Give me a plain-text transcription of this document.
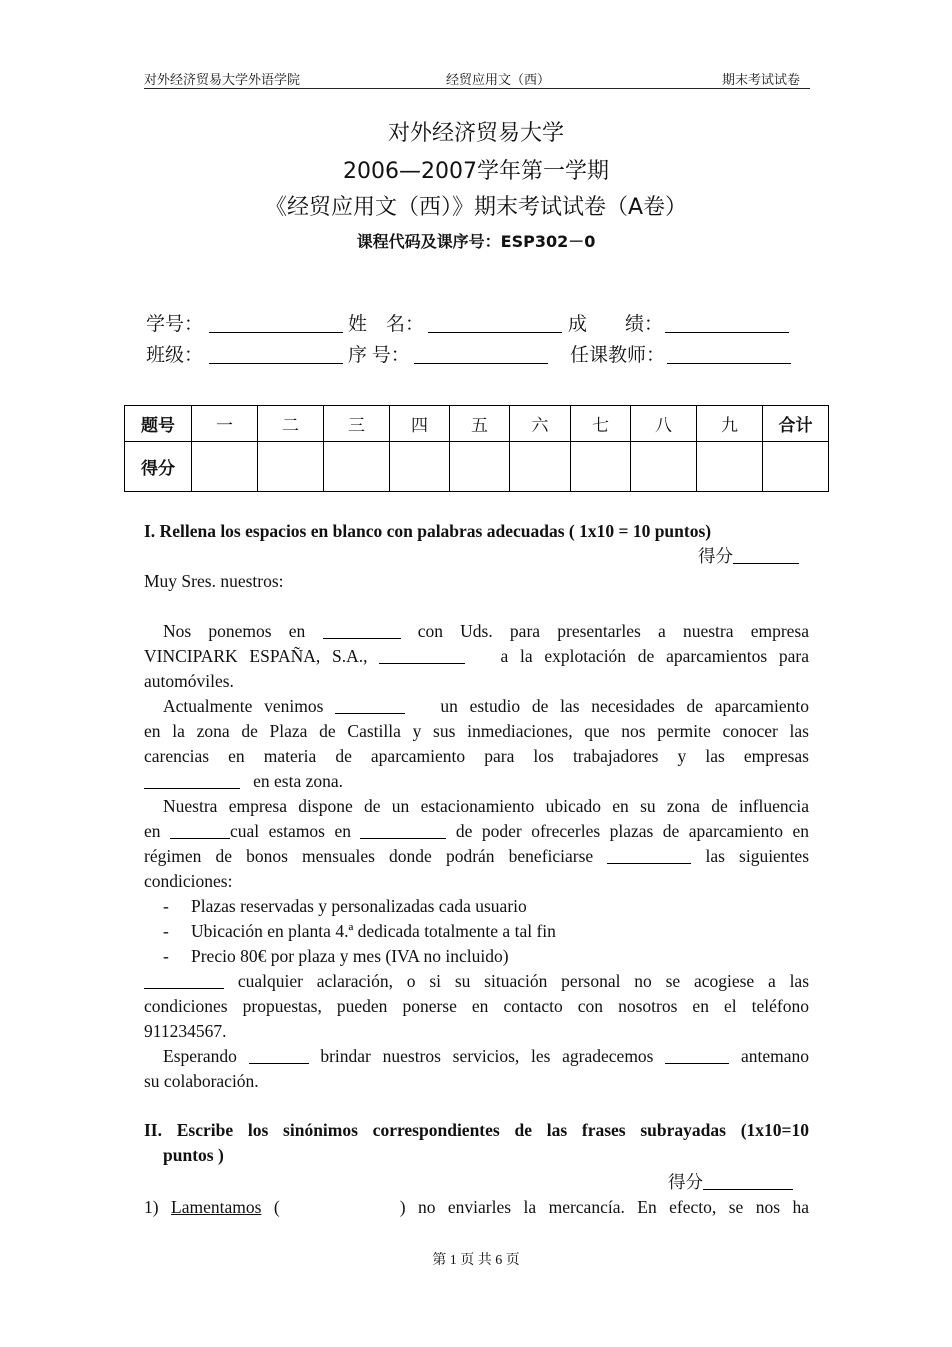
对外经济贸易大学外语学院	经贸应用文（西）	期末考试试卷
对外经济贸易大学
2006—2007学年第一学期
《经贸应用文（西）》期末考试试卷（A卷）
课程代码及课序号：ESP302－0
学号：	姓　名：	成　　绩：
班级：	序 号：	任课教师：
题号	一	二	三	四	五	六	七	八	九	合计
得分										
I. Rellena los espacios en blanco con palabras adecuadas ( 1x10 = 10 puntos)
得分
Muy Sres. nuestros:
Nos ponemos en	con Uds. para presentarles a nuestra empresa
VINCIPARK ESPAÑA, S.A.,	a la explotación de aparcamientos para
automóviles.
Actualmente venimos	un estudio de las necesidades de aparcamiento
en la zona de Plaza de Castilla y sus inmediaciones, que nos permite conocer las
carencias en materia de aparcamiento para los trabajadores y las empresas
en esta zona.
Nuestra empresa dispone de un estacionamiento ubicado en su zona de influencia
en	cual estamos en	de poder ofrecerles plazas de aparcamiento en
régimen de bonos mensuales donde podrán beneficiarse	las siguientes
condiciones:
- Plazas reservadas y personalizadas cada usuario
- Ubicación en planta 4.ª dedicada totalmente a tal fin
- Precio 80€ por plaza y mes (IVA no incluido)
cualquier aclaración, o si su situación personal no se acogiese a las
condiciones propuestas, pueden ponerse en contacto con nosotros en el teléfono
911234567.
Esperando	brindar nuestros servicios, les agradecemos	antemano
su colaboración.
II. Escribe los sinónimos correspondientes de las frases subrayadas (1x10=10
puntos )
得分
1) Lamentamos (	) no enviarles la mercancía. En efecto, se nos ha
第 1 页 共 6 页
